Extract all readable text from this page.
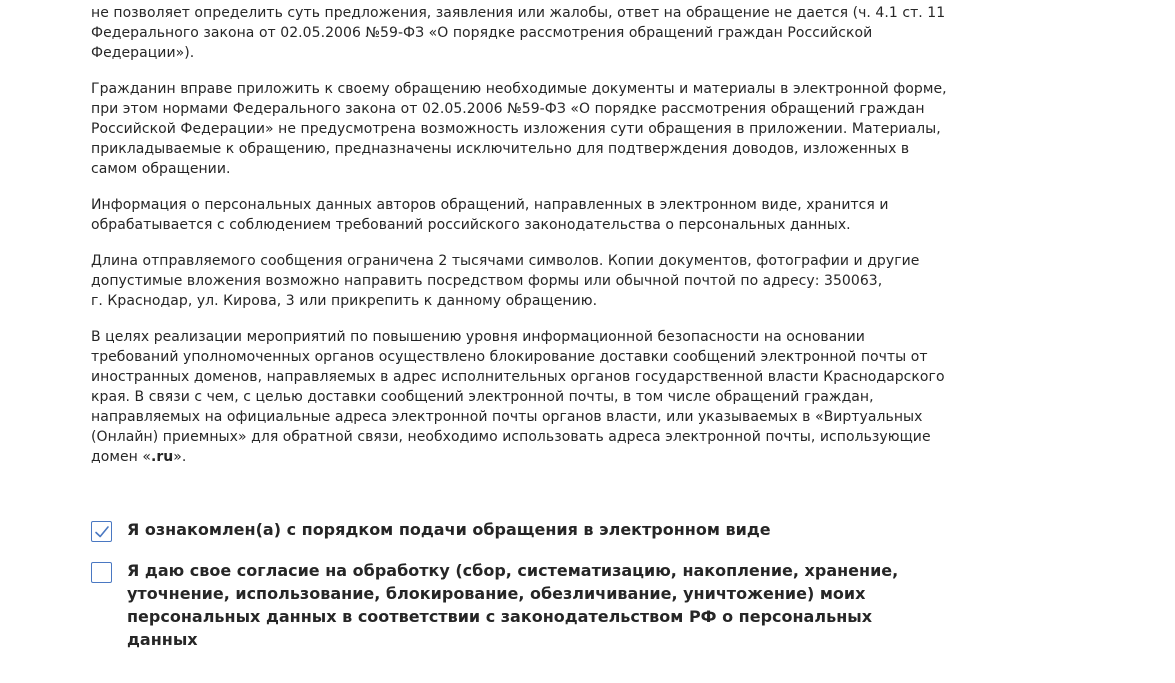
не позволяет определить суть предложения, заявления или жалобы, ответ на обращение не дается (ч. 4.1 ст. 11
Федерального закона от 02.05.2006 №59-ФЗ «О порядке рассмотрения обращений граждан Российской
Федерации»).

Гражданин вправе приложить к своему обращению необходимые документы и материалы в электронной форме,
при этом нормами Федерального закона от 02.05.2006 №59-ФЗ «О порядке рассмотрения обращений граждан
Российской Федерации» не предусмотрена возможность изложения сути обращения в приложении. Материалы,
прикладываемые к обращению, предназначены исключительно для подтверждения доводов, изложенных в
самом обращении.

Информация о персональных данных авторов обращений, направленных в электронном виде, хранится и
обрабатывается с соблюдением требований российского законодательства о персональных данных.

Длина отправляемого сообщения ограничена 2 тысячами символов. Копии документов, фотографии и другие
допустимые вложения возможно направить посредством формы или обычной почтой по адресу: 350063,
г. Краснодар, ул. Кирова, 3 или прикрепить к данному обращению.

В целях реализации мероприятий по повышению уровня информационной безопасности на основании
требований уполномоченных органов осуществлено блокирование доставки сообщений электронной почты от
иностранных доменов, направляемых в адрес исполнительных органов государственной власти Краснодарского
края. В связи с чем, с целью доставки сообщений электронной почты, в том числе обращений граждан,
направляемых на официальные адреса электронной почты органов власти, или указываемых в «Виртуальных
(Онлайн) приемных» для обратной связи, необходимо использовать адреса электронной почты, использующие
домен «.ru».

Я ознакомлен(а) с порядком подачи обращения в электронном виде
Я даю свое согласие на обработку (сбор, систематизацию, накопление, хранение, уточнение, использование, блокирование, обезличивание, уничтожение) моих персональных данных в соответствии с законодательством РФ о персональных данных
